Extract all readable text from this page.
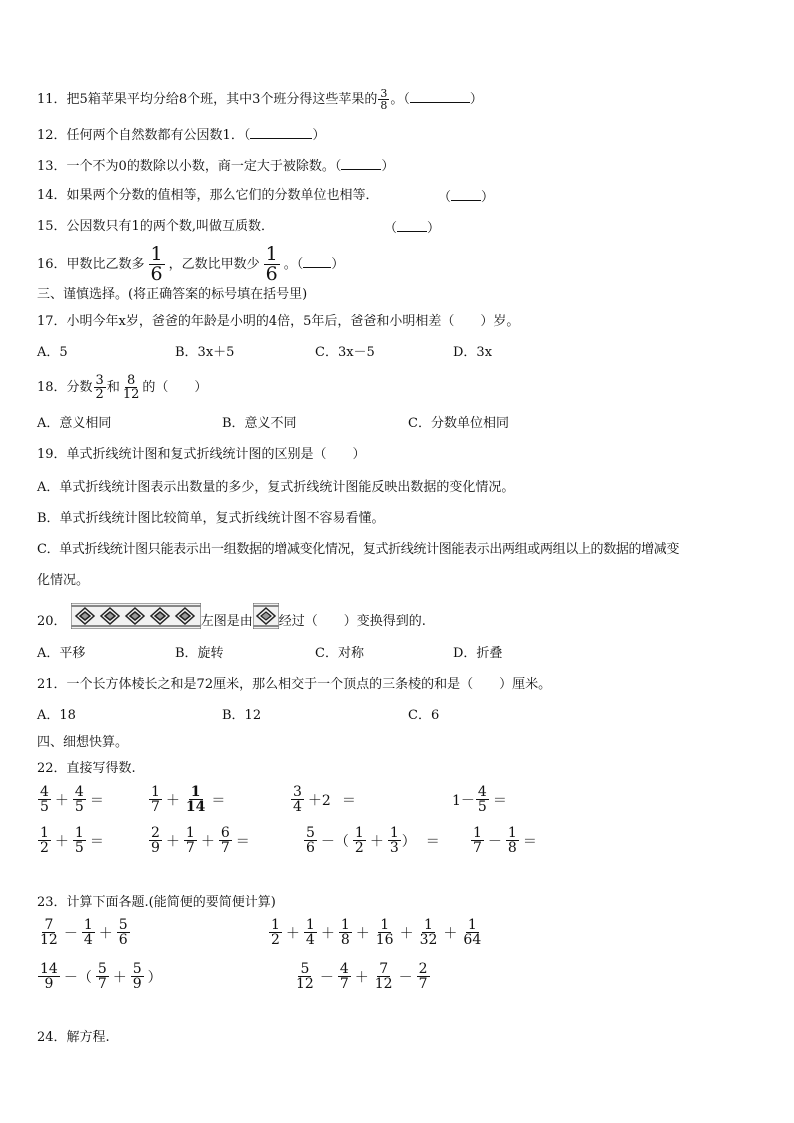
11．把5箱苹果平均分给8个班，其中3个班分得这些苹果的 $\frac{3}{8}$ 。（	）
12．任何两个自然数都有公因数1．（	）
13．一个不为0的数除以小数，商一定大于被除数。（	）
14．如果两个分数的值相等，那么它们的分数单位也相等．	（ ）
15．公因数只有1的两个数,叫做互质数．	（ ）
16．甲数比乙数多 $\frac{1}{6}$ ，乙数比甲数少 $\frac{1}{6}$ 。（ ）
三、谨慎选择。(将正确答案的标号填在括号里)
17．小明今年x岁，爸爸的年龄是小明的4倍，5年后，爸爸和小明相差（　　）岁。
A．5	B．3x＋5	C．3x－5	D．3x
18．分数 $\frac{3}{2}$ 和 $\frac{8}{12}$ 的（　　）
A．意义相同	B．意义不同	C．分数单位相同
19．单式折线统计图和复式折线统计图的区别是（　　）
A．单式折线统计图表示出数量的多少，复式折线统计图能反映出数据的变化情况。
B．单式折线统计图比较简单，复式折线统计图不容易看懂。
C．单式折线统计图只能表示出一组数据的增减变化情况，复式折线统计图能表示出两组或两组以上的数据的增减变
化情况。
20．	左图是由 经过（　　）变换得到的.
A．平移	B．旋转	C．对称	D．折叠
21．一个长方体棱长之和是72厘米，那么相交于一个顶点的三条棱的和是（　　）厘米。
A．18	B．12	C．6
四、细想快算。
22．直接写得数.
$\frac{4}{5} + \frac{4}{5}$ ＝	$\frac{1}{7} + \frac{1}{14}$ ＝	$\frac{3}{4} +2$ ＝	$1- \frac{4}{5}$ ＝
$\frac{1}{2} + \frac{1}{5}$ ＝	$\frac{2}{9} + \frac{1}{7} + \frac{6}{7}$ ＝	$\frac{5}{6}$ －（ $\frac{1}{2} + \frac{1}{3}$ ） ＝ $\frac{1}{7} - \frac{1}{8}$ ＝
23．计算下面各题.(能简便的要简便计算)
$\frac{7}{12} - \frac{1}{4} + \frac{5}{6}$	$\frac{1}{2} + \frac{1}{4} + \frac{1}{8} + \frac{1}{16} + \frac{1}{32} + \frac{1}{64}$
$\frac{14}{9}$ －（ $\frac{5}{7} + \frac{5}{9}$ ）	$\frac{5}{12} - \frac{4}{7} + \frac{7}{12} - \frac{2}{7}$
24．解方程.
